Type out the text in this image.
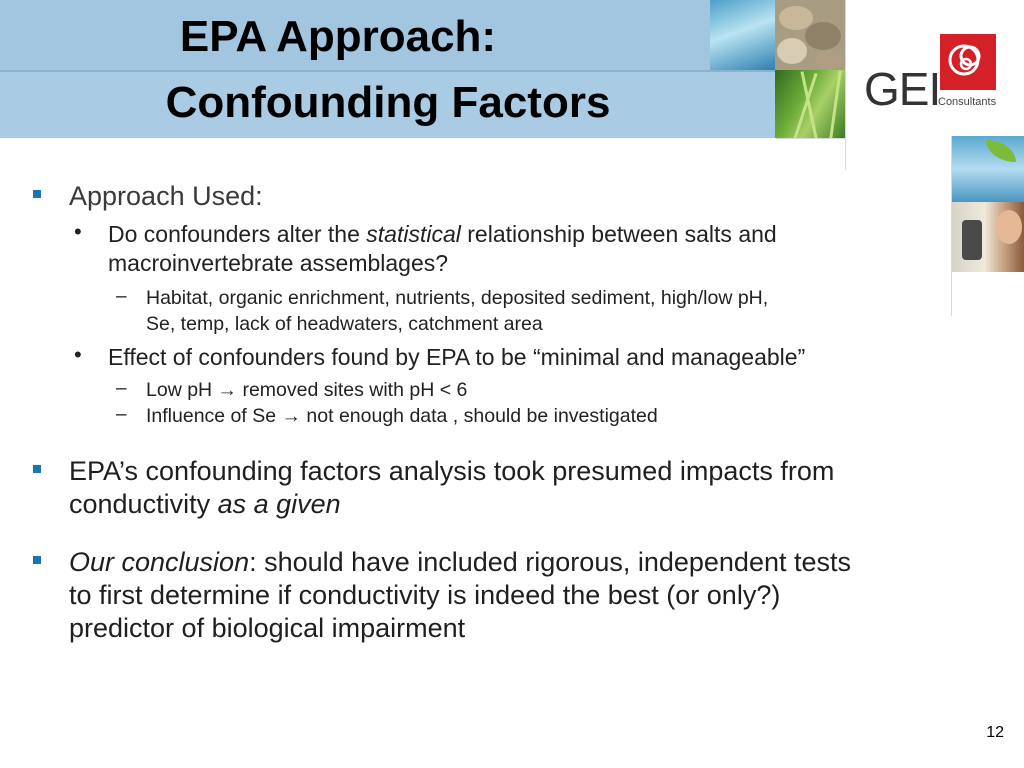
EPA Approach:
Confounding Factors	GEI
Consultants
Approach Used:
• Do confounders alter the statistical relationship between salts and
macroinvertebrate assemblages?
– Habitat, organic enrichment, nutrients, deposited sediment, high/low pH,
Se, temp, lack of headwaters, catchment area
• Effect of confounders found by EPA to be “minimal and manageable”
– Low pH → removed sites with pH < 6
– Influence of Se → not enough data , should be investigated
EPA’s confounding factors analysis took presumed impacts from
conductivity as a given
Our conclusion: should have included rigorous, independent tests
to first determine if conductivity is indeed the best (or only?)
predictor of biological impairment
12
